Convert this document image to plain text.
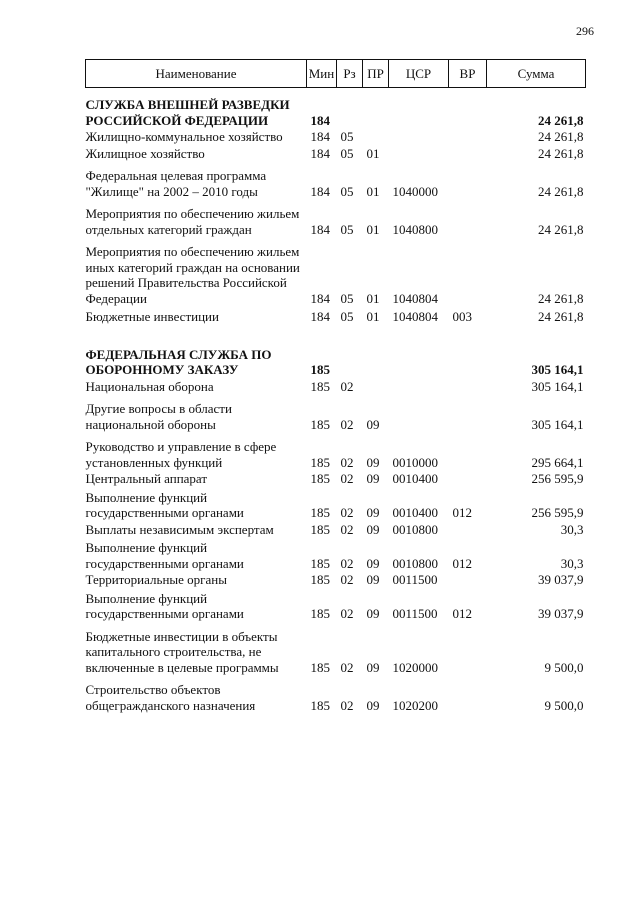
296
Наименование	Мин	Рз	ПР	ЦСР	ВР	Сумма
СЛУЖБА ВНЕШНЕЙ РАЗВЕДКИ РОССИЙСКОЙ ФЕДЕРАЦИИ	184					24 261,8
Жилищно-коммунальное хозяйство	184	05				24 261,8
Жилищное хозяйство	184	05	01			24 261,8
Федеральная целевая программа "Жилище" на 2002 – 2010 годы	184	05	01	1040000		24 261,8
Мероприятия по обеспечению жильем отдельных категорий граждан	184	05	01	1040800		24 261,8
Мероприятия по обеспечению жильем иных категорий граждан на основании решений Правительства Российской Федерации	184	05	01	1040804		24 261,8
Бюджетные инвестиции	184	05	01	1040804	003	24 261,8
ФЕДЕРАЛЬНАЯ СЛУЖБА ПО ОБОРОННОМУ ЗАКАЗУ	185					305 164,1
Национальная оборона	185	02				305 164,1
Другие вопросы в области национальной обороны	185	02	09			305 164,1
Руководство и управление в сфере установленных функций	185	02	09	0010000		295 664,1
Центральный аппарат	185	02	09	0010400		256 595,9
Выполнение функций государственными органами	185	02	09	0010400	012	256 595,9
Выплаты независимым экспертам	185	02	09	0010800		30,3
Выполнение функций государственными органами	185	02	09	0010800	012	30,3
Территориальные органы	185	02	09	0011500		39 037,9
Выполнение функций государственными органами	185	02	09	0011500	012	39 037,9
Бюджетные инвестиции в объекты капитального строительства, не включенные в целевые программы	185	02	09	1020000		9 500,0
Строительство объектов общегражданского назначения	185	02	09	1020200		9 500,0
